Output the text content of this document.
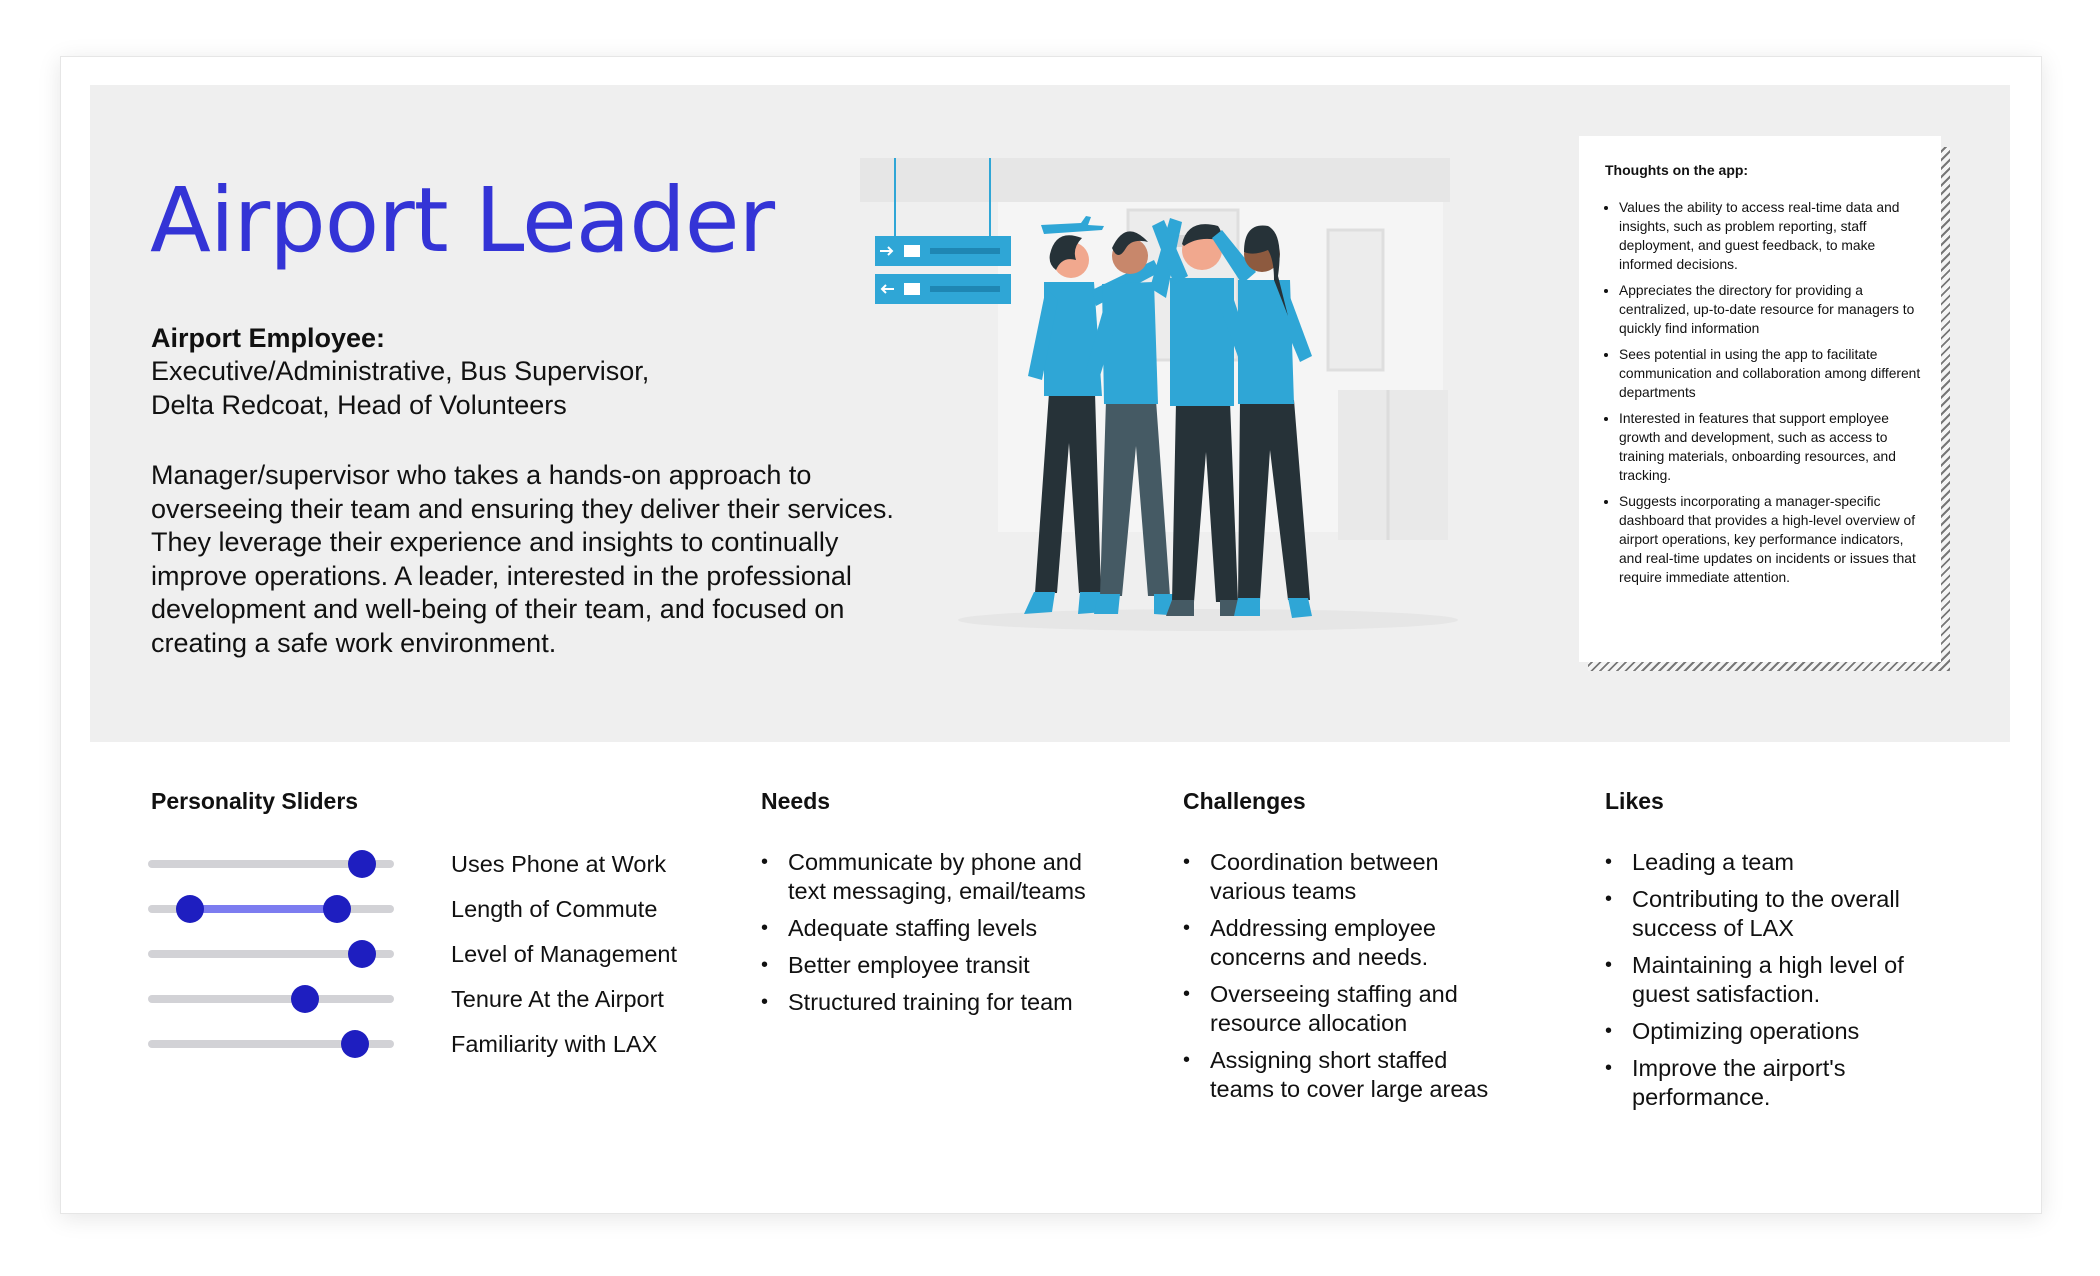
Airport Leader
Airport Employee:
Executive/Administrative, Bus Supervisor,
Delta Redcoat, Head of Volunteers

Manager/supervisor who takes a hands-on approach to overseeing their team and ensuring they deliver their services. They leverage their experience and insights to continually improve operations. A leader, interested in the professional development and well-being of their team, and focused on creating a safe work environment.

Thoughts on the app:
• Values the ability to access real-time data and insights, such as problem reporting, staff deployment, and guest feedback, to make informed decisions.
• Appreciates the directory for providing a centralized, up-to-date resource for managers to quickly find information
• Sees potential in using the app to facilitate communication and collaboration among different departments
• Interested in features that support employee growth and development, such as access to training materials, onboarding resources, and tracking.
• Suggests incorporating a manager-specific dashboard that provides a high-level overview of airport operations, key performance indicators, and real-time updates on incidents or issues that require immediate attention.
Personality Sliders
Uses Phone at Work
Length of Commute
Level of Management
Tenure At the Airport
Familiarity with LAX
Needs
• Communicate by phone and text messaging, email/teams
• Adequate staffing levels
• Better employee transit
• Structured training for team
Challenges
• Coordination between various teams
• Addressing employee concerns and needs.
• Overseeing staffing and resource allocation
• Assigning short staffed teams to cover large areas
Likes
• Leading a team
• Contributing to the overall success of LAX
• Maintaining a high level of guest satisfaction.
• Optimizing operations
• Improve the airport's performance.
